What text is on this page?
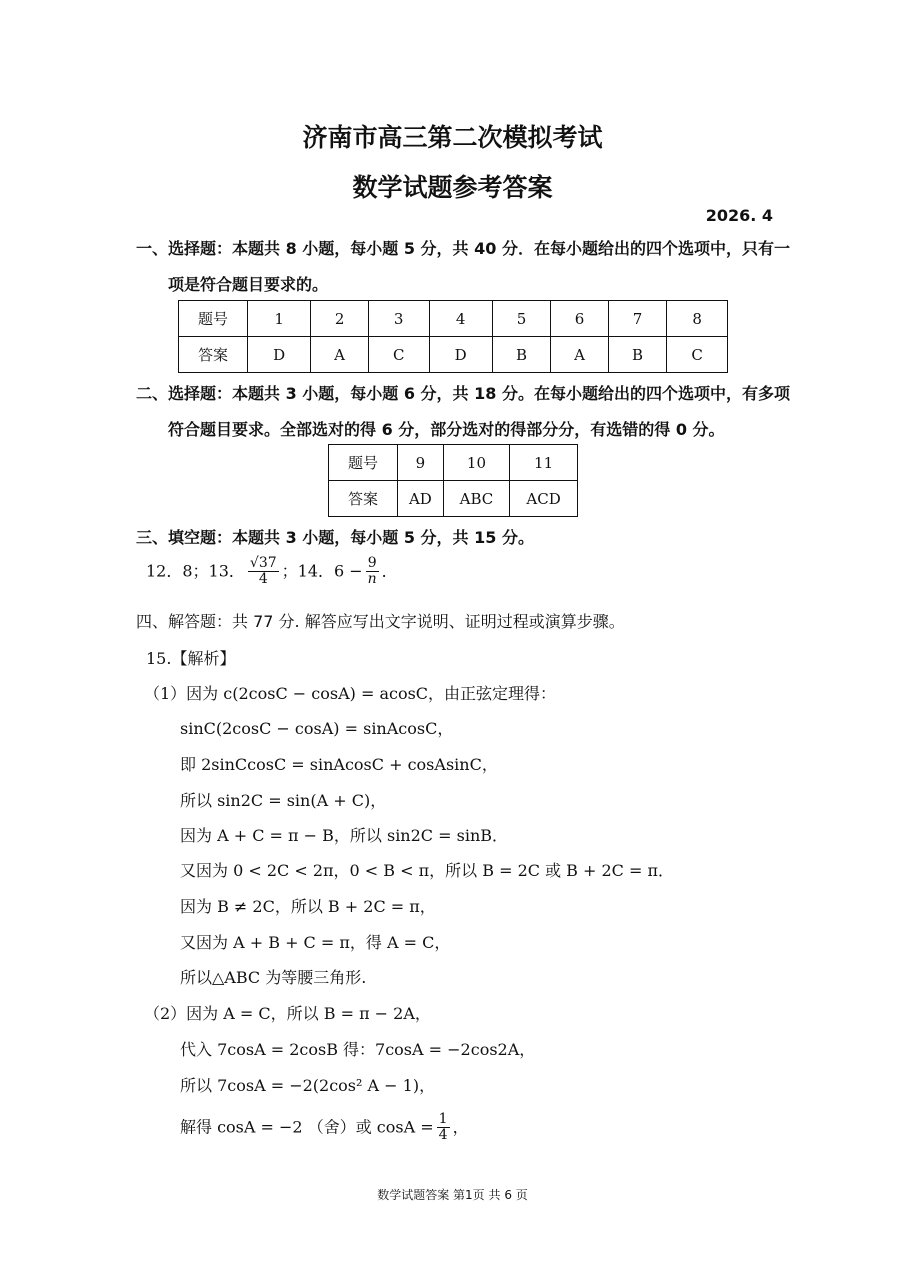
济南市高三第二次模拟考试
数学试题参考答案
2026. 4
一、选择题：本题共 8 小题，每小题 5 分，共 40 分．在每小题给出的四个选项中，只有一
项是符合题目要求的。
题号	1	2	3	4	5	6	7	8
答案	D	A	C	D	B	A	B	C
二、选择题：本题共 3 小题，每小题 6 分，共 18 分。在每小题给出的四个选项中，有多项
符合题目要求。全部选对的得 6 分，部分选对的得部分分，有选错的得 0 分。
题号	9	10	11
答案	AD	ABC	ACD
三、填空题：本题共 3 小题，每小题 5 分，共 15 分。
12．8；13． $\frac{√37}{4}$ ；14．$6 - \frac{9}{n}$ ．
四、解答题：共 77 分. 解答应写出文字说明、证明过程或演算步骤。
15.【解析】
（1）因为 c(2cosC − cosA) = acosC，由正弦定理得：
sinC(2cosC − cosA) = sinAcosC，
即 2sinCcosC = sinAcosC + cosAsinC，
所以 sin2C = sin(A + C)，
因为 A + C = π − B，所以 sin2C = sinB．
又因为 0 < 2C < 2π，0 < B < π，所以 B = 2C 或 B + 2C = π．
因为 B ≠ 2C，所以 B + 2C = π，
又因为 A + B + C = π，得 A = C，
所以△ABC 为等腰三角形.
（2）因为 A = C，所以 B = π − 2A，
代入 7cosA = 2cosB 得：7cosA = −2cos2A，
所以 7cosA = −2(2cos² A − 1)，
解得 cosA = −2 （舍）或 $\cos A = \frac{1}{4}$ ，
数学试题答案 第1页 共 6 页
